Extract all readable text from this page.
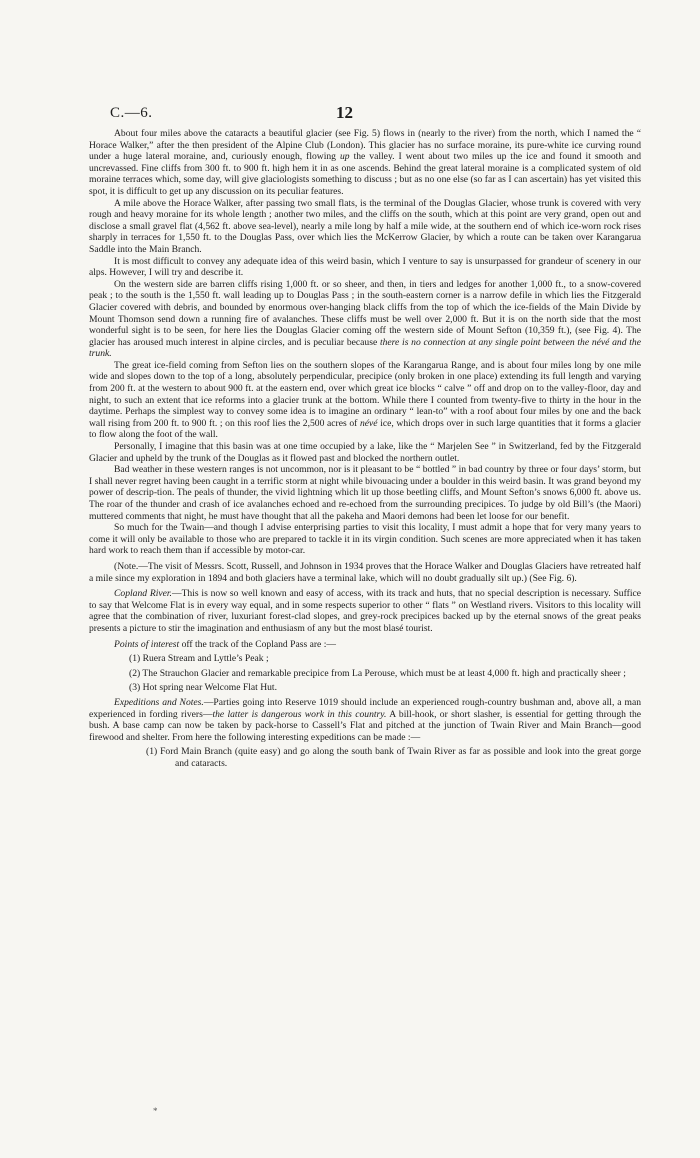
C.—6.	12

About four miles above the cataracts a beautiful glacier (see Fig. 5) flows in (nearly to the river) from the north, which I named the “ Horace Walker,” after the then president of the Alpine Club (London). This glacier has no surface moraine, its pure-white ice curving round under a huge lateral moraine, and, curiously enough, flowing up the valley. I went about two miles up the ice and found it smooth and uncrevassed. Fine cliffs from 300 ft. to 900 ft. high hem it in as one ascends. Behind the great lateral moraine is a complicated system of old moraine terraces which, some day, will give glaciologists something to discuss ; but as no one else (so far as I can ascertain) has yet visited this spot, it is difficult to get up any discussion on its peculiar features.

A mile above the Horace Walker, after passing two small flats, is the terminal of the Douglas Glacier, whose trunk is covered with very rough and heavy moraine for its whole length ; another two miles, and the cliffs on the south, which at this point are very grand, open out and disclose a small gravel flat (4,562 ft. above sea-level), nearly a mile long by half a mile wide, at the southern end of which ice-worn rock rises sharply in terraces for 1,550 ft. to the Douglas Pass, over which lies the McKerrow Glacier, by which a route can be taken over Karangarua Saddle into the Main Branch.

It is most difficult to convey any adequate idea of this weird basin, which I venture to say is unsurpassed for grandeur of scenery in our alps. However, I will try and describe it.

On the western side are barren cliffs rising 1,000 ft. or so sheer, and then, in tiers and ledges for another 1,000 ft., to a snow-covered peak ; to the south is the 1,550 ft. wall leading up to Douglas Pass ; in the south-eastern corner is a narrow defile in which lies the Fitzgerald Glacier covered with debris, and bounded by enormous over-hanging black cliffs from the top of which the ice-fields of the Main Divide by Mount Thomson send down a running fire of avalanches. These cliffs must be well over 2,000 ft. But it is on the north side that the most wonderful sight is to be seen, for here lies the Douglas Glacier coming off the western side of Mount Sefton (10,359 ft.), (see Fig. 4). The glacier has aroused much interest in alpine circles, and is peculiar because there is no connection at any single point between the névé and the trunk.

The great ice-field coming from Sefton lies on the southern slopes of the Karangarua Range, and is about four miles long by one mile wide and slopes down to the top of a long, absolutely perpendicular, precipice (only broken in one place) extending its full length and varying from 200 ft. at the western to about 900 ft. at the eastern end, over which great ice blocks “ calve ” off and drop on to the valley-floor, day and night, to such an extent that ice reforms into a glacier trunk at the bottom. While there I counted from twenty-five to thirty in the hour in the daytime. Perhaps the simplest way to convey some idea is to imagine an ordinary “ lean-to” with a roof about four miles by one and the back wall rising from 200 ft. to 900 ft. ; on this roof lies the 2,500 acres of névé ice, which drops over in such large quantities that it forms a glacier to flow along the foot of the wall.

Personally, I imagine that this basin was at one time occupied by a lake, like the “ Marjelen See ” in Switzerland, fed by the Fitzgerald Glacier and upheld by the trunk of the Douglas as it flowed past and blocked the northern outlet.

Bad weather in these western ranges is not uncommon, nor is it pleasant to be “ bottled ” in bad country by three or four days’ storm, but I shall never regret having been caught in a terrific storm at night while bivouacing under a boulder in this weird basin. It was grand beyond my power of descrip-tion. The peals of thunder, the vivid lightning which lit up those beetling cliffs, and Mount Sefton’s snows 6,000 ft. above us. The roar of the thunder and crash of ice avalanches echoed and re-echoed from the surrounding precipices. To judge by old Bill’s (the Maori) muttered comments that night, he must have thought that all the pakeha and Maori demons had been let loose for our benefit.

So much for the Twain—and though I advise enterprising parties to visit this locality, I must admit a hope that for very many years to come it will only be available to those who are prepared to tackle it in its virgin condition. Such scenes are more appreciated when it has taken hard work to reach them than if accessible by motor-car.

(Note.—The visit of Messrs. Scott, Russell, and Johnson in 1934 proves that the Horace Walker and Douglas Glaciers have retreated half a mile since my exploration in 1894 and both glaciers have a terminal lake, which will no doubt gradually silt up.) (See Fig. 6).

Copland River.—This is now so well known and easy of access, with its track and huts, that no special description is necessary. Suffice to say that Welcome Flat is in every way equal, and in some respects superior to other “ flats ” on Westland rivers. Visitors to this locality will agree that the combination of river, luxuriant forest-clad slopes, and grey-rock precipices backed up by the eternal snows of the great peaks presents a picture to stir the imagination and enthusiasm of any but the most blasé tourist.

Points of interest off the track of the Copland Pass are :—

(1) Ruera Stream and Lyttle’s Peak ;
(2) The Strauchon Glacier and remarkable precipice from La Perouse, which must be at least 4,000 ft. high and practically sheer ;
(3) Hot spring near Welcome Flat Hut.

Expeditions and Notes.—Parties going into Reserve 1019 should include an experienced rough-country bushman and, above all, a man experienced in fording rivers—the latter is dangerous work in this country. A bill-hook, or short slasher, is essential for getting through the bush. A base camp can now be taken by pack-horse to Cassell’s Flat and pitched at the junction of Twain River and Main Branch—good firewood and shelter. From here the following interesting expeditions can be made :—

(1) Ford Main Branch (quite easy) and go along the south bank of Twain River as far as possible and look into the great gorge and cataracts.
*
